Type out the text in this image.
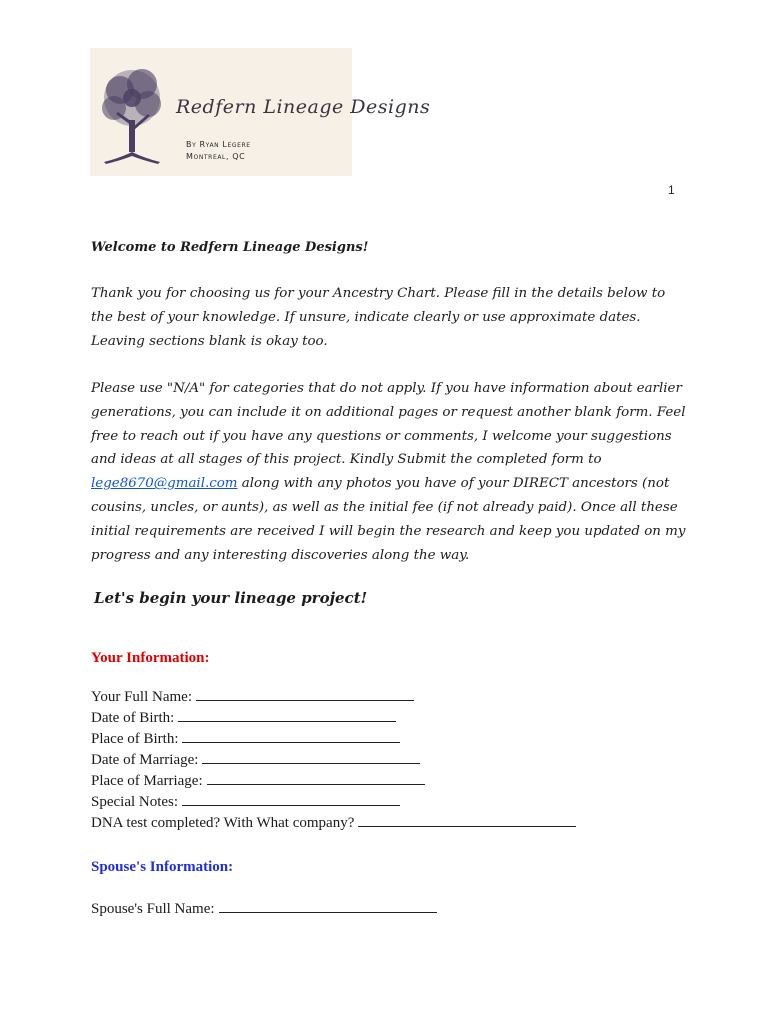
Redfern Lineage Designs
By Ryan Legere
Montreal, QC
1
Welcome to Redfern Lineage Designs!

Thank you for choosing us for your Ancestry Chart. Please fill in the details below to the best of your knowledge. If unsure, indicate clearly or use approximate dates. Leaving sections blank is okay too.

Please use "N/A" for categories that do not apply. If you have information about earlier generations, you can include it on additional pages or request another blank form. Feel free to reach out if you have any questions or comments, I welcome your suggestions and ideas at all stages of this project. Kindly Submit the completed form to lege8670@gmail.com along with any photos you have of your DIRECT ancestors (not cousins, uncles, or aunts), as well as the initial fee (if not already paid). Once all these initial requirements are received I will begin the research and keep you updated on my progress and any interesting discoveries along the way.

Let's begin your lineage project!
Your Information:
Your Full Name:
Date of Birth:
Place of Birth:
Date of Marriage:
Place of Marriage:
Special Notes:
DNA test completed? With What company?
Spouse's Information:
Spouse's Full Name:
